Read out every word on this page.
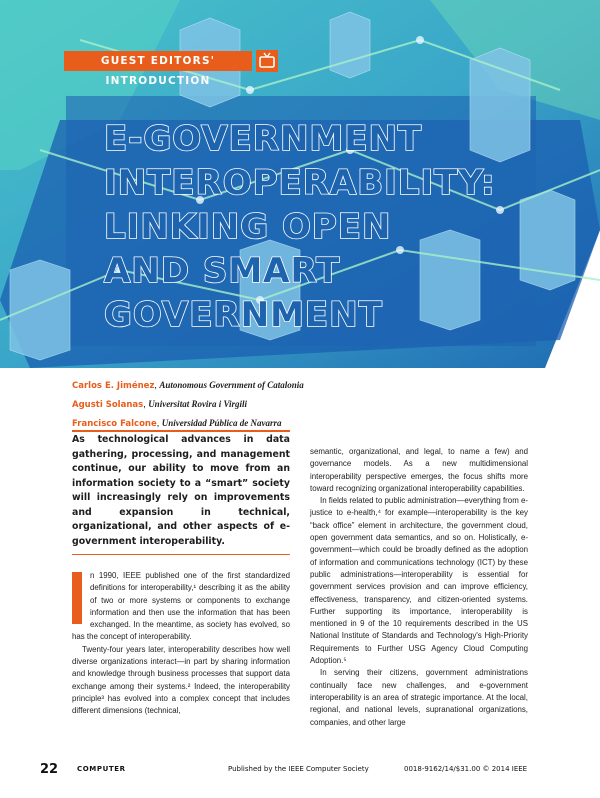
GUEST EDITORS' INTRODUCTION
E-GOVERNMENT
INTEROPERABILITY:
LINKING OPEN
AND SMART
GOVERNMENT
Carlos E. Jiménez, Autonomous Government of Catalonia
Agusti Solanas, Universitat Rovira i Virgili
Francisco Falcone, Universidad Pública de Navarra

As technological advances in data gathering, processing, and management continue, our ability to move from an information society to a “smart” society will increasingly rely on improvements and expansion in technical, organizational, and other aspects of e-government interoperability.

n 1990, IEEE published one of the first standardized definitions for interoperability,¹ describing it as the ability of two or more systems or components to exchange information and then use the information that has been exchanged. In the meantime, as society has evolved, so has the concept of interoperability.

Twenty-four years later, interoperability describes how well diverse organizations interact—in part by sharing information and knowledge through business processes that support data exchange among their systems.² Indeed, the interoperability principle³ has evolved into a complex concept that includes different dimensions (technical,

semantic, organizational, and legal, to name a few) and governance models. As a new multidimensional interoperability perspective emerges, the focus shifts more toward recognizing organizational interoperability capabilities.

In fields related to public administration—everything from e-justice to e-health,⁴ for example—interoperability is the key “back office” element in architecture, the government cloud, open government data semantics, and so on. Holistically, e-government—which could be broadly defined as the adoption of information and communications technology (ICT) by these public administrations—interoperability is essential for government services provision and can improve efficiency, effectiveness, transparency, and citizen-oriented systems. Further supporting its importance, interoperability is mentioned in 9 of the 10 requirements described in the US National Institute of Standards and Technology's High-Priority Requirements to Further USG Agency Cloud Computing Adoption.⁵

In serving their citizens, government administrations continually face new challenges, and e-government interoperability is an area of strategic importance. At the local, regional, and national levels, supranational organizations, companies, and other large

22	COMPUTER	Published by the IEEE Computer Society	0018-9162/14/$31.00 © 2014 IEEE
